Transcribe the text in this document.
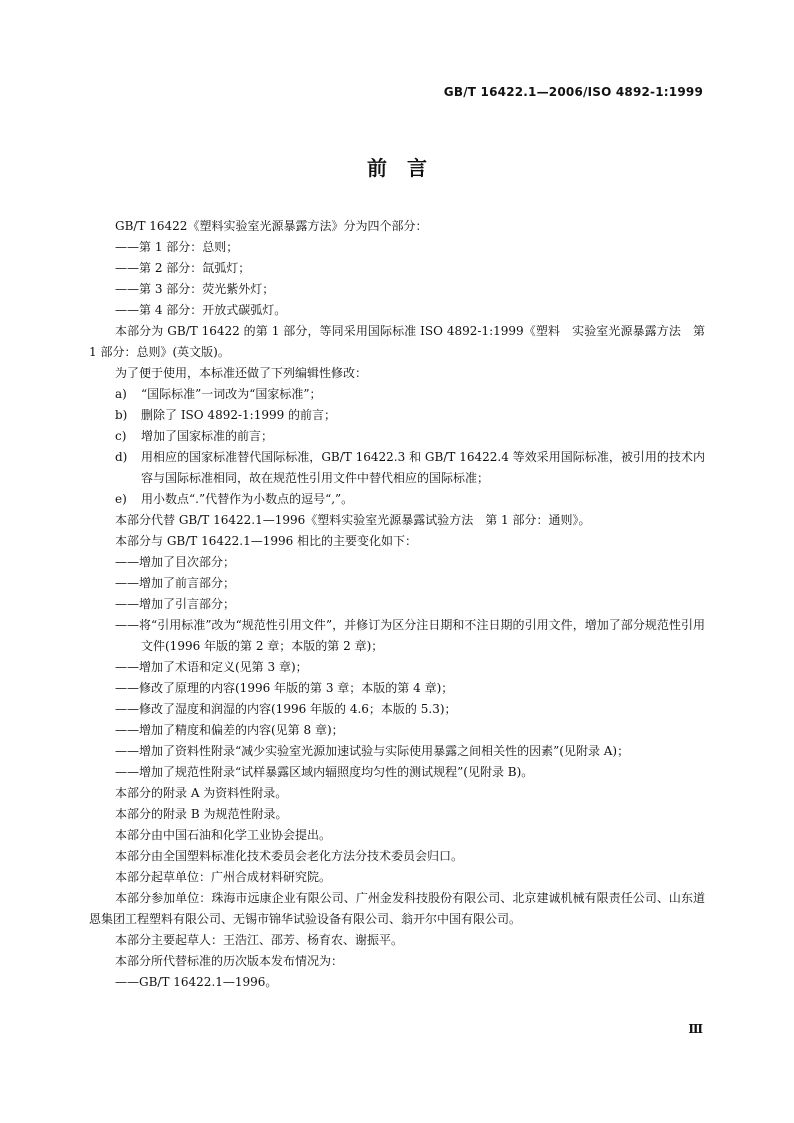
GB/T 16422.1—2006/ISO 4892-1:1999
前　言

GB/T 16422《塑料实验室光源暴露方法》分为四个部分：

——第 1 部分：总则；

——第 2 部分：氙弧灯；

——第 3 部分：荧光紫外灯；

——第 4 部分：开放式碳弧灯。

本部分为 GB/T 16422 的第 1 部分，等同采用国际标准 ISO 4892-1:1999《塑料　实验室光源暴露方法　第 1 部分：总则》(英文版)。

为了便于使用，本标准还做了下列编辑性修改：

a) “国际标准”一词改为“国家标准”；

b) 删除了 ISO 4892-1:1999 的前言；

c) 增加了国家标准的前言；

d) 用相应的国家标准替代国际标准，GB/T 16422.3 和 GB/T 16422.4 等效采用国际标准，被引用的技术内容与国际标准相同，故在规范性引用文件中替代相应的国际标准；

e) 用小数点“.”代替作为小数点的逗号“,”。

本部分代替 GB/T 16422.1—1996《塑料实验室光源暴露试验方法　第 1 部分：通则》。

本部分与 GB/T 16422.1—1996 相比的主要变化如下：

——增加了目次部分；

——增加了前言部分；

——增加了引言部分；

——将“引用标准”改为“规范性引用文件”，并修订为区分注日期和不注日期的引用文件，增加了部分规范性引用文件(1996 年版的第 2 章；本版的第 2 章)；

——增加了术语和定义(见第 3 章)；

——修改了原理的内容(1996 年版的第 3 章；本版的第 4 章)；

——修改了湿度和润湿的内容(1996 年版的 4.6；本版的 5.3)；

——增加了精度和偏差的内容(见第 8 章)；

——增加了资料性附录“减少实验室光源加速试验与实际使用暴露之间相关性的因素”(见附录 A)；

——增加了规范性附录“试样暴露区域内辐照度均匀性的测试规程”(见附录 B)。

本部分的附录 A 为资料性附录。

本部分的附录 B 为规范性附录。

本部分由中国石油和化学工业协会提出。

本部分由全国塑料标准化技术委员会老化方法分技术委员会归口。

本部分起草单位：广州合成材料研究院。

本部分参加单位：珠海市远康企业有限公司、广州金发科技股份有限公司、北京建诚机械有限责任公司、山东道恩集团工程塑料有限公司、无锡市锦华试验设备有限公司、翁开尔中国有限公司。

本部分主要起草人：王浩江、邵芳、杨育农、谢振平。

本部分所代替标准的历次版本发布情况为：

——GB/T 16422.1—1996。

Ⅲ
